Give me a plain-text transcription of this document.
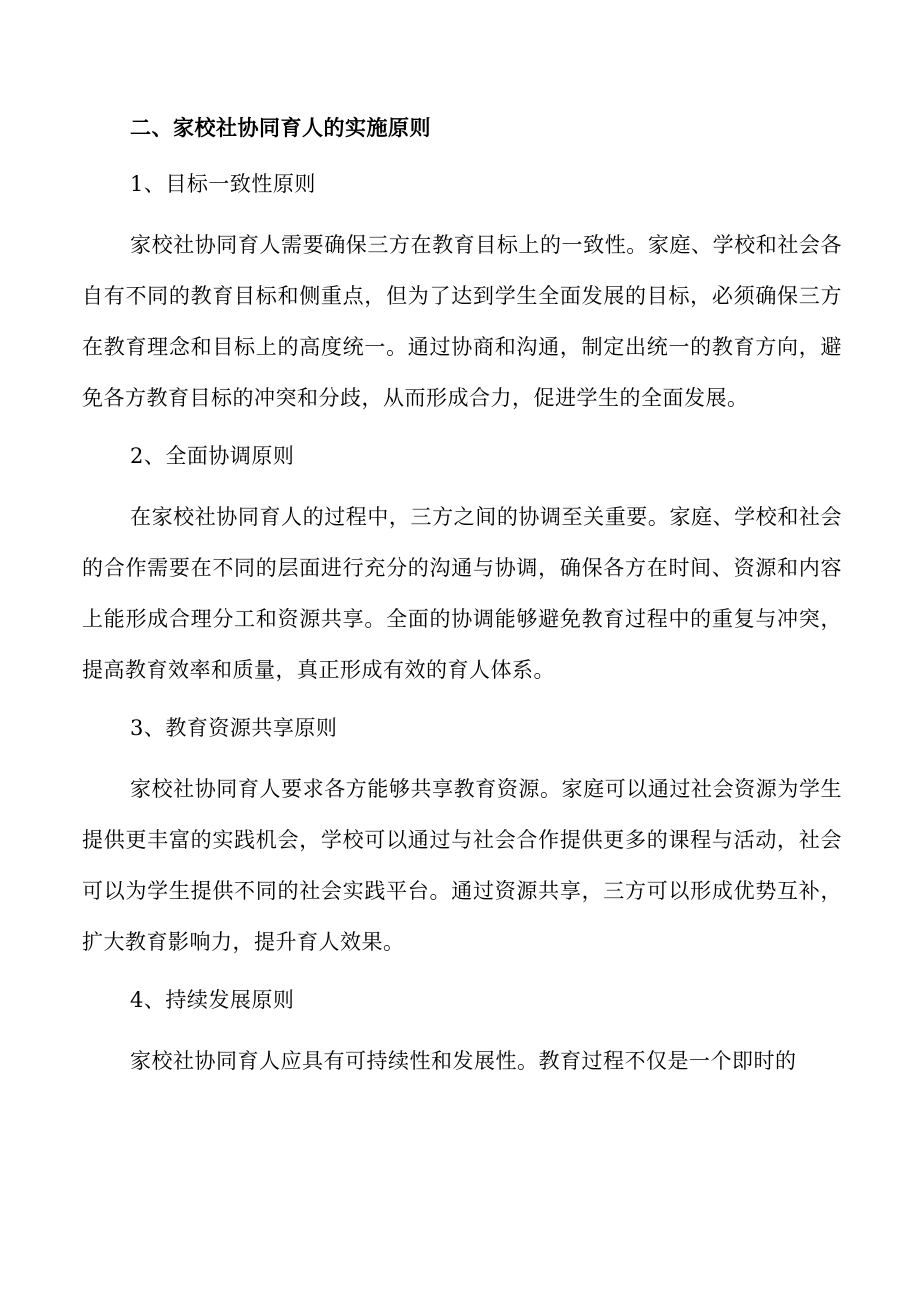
二、家校社协同育人的实施原则

1、目标一致性原则

家校社协同育人需要确保三方在教育目标上的一致性。家庭、学校和社会各自有不同的教育目标和侧重点，但为了达到学生全面发展的目标，必须确保三方在教育理念和目标上的高度统一。通过协商和沟通，制定出统一的教育方向，避免各方教育目标的冲突和分歧，从而形成合力，促进学生的全面发展。

2、全面协调原则

在家校社协同育人的过程中，三方之间的协调至关重要。家庭、学校和社会的合作需要在不同的层面进行充分的沟通与协调，确保各方在时间、资源和内容上能形成合理分工和资源共享。全面的协调能够避免教育过程中的重复与冲突，提高教育效率和质量，真正形成有效的育人体系。

3、教育资源共享原则

家校社协同育人要求各方能够共享教育资源。家庭可以通过社会资源为学生提供更丰富的实践机会，学校可以通过与社会合作提供更多的课程与活动，社会可以为学生提供不同的社会实践平台。通过资源共享，三方可以形成优势互补，扩大教育影响力，提升育人效果。

4、持续发展原则

家校社协同育人应具有可持续性和发展性。教育过程不仅是一个即时的
